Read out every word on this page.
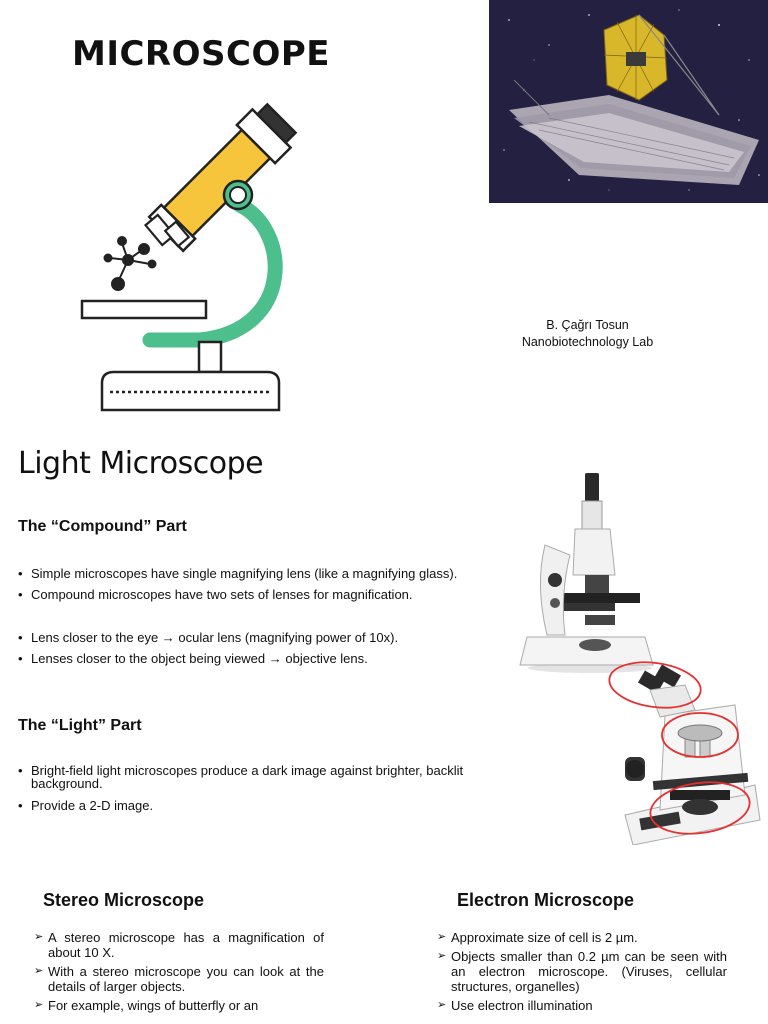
MICROSCOPE
B. Çağrı Tosun
Nanobiotechnology Lab
Light Microscope
The “Compound” Part
• Simple microscopes have single magnifying lens (like a magnifying glass).
• Compound microscopes have two sets of lenses for magnification.
• Lens closer to the eye → ocular lens (magnifying power of 10x).
• Lenses closer to the object being viewed → objective lens.
The “Light” Part
• Bright-field light microscopes produce a dark image against brighter, backlit background.
• Provide a 2-D image.
Stereo Microscope
➢ A stereo microscope has a magnification of about 10 X.
➢ With a stereo microscope you can look at the details of larger objects.
➢ For example, wings of butterfly or an
Electron Microscope
➢ Approximate size of cell is 2 µm.
➢ Objects smaller than 0.2 µm can be seen with an electron microscope. (Viruses, cellular structures, organelles)
➢ Use electron illumination
